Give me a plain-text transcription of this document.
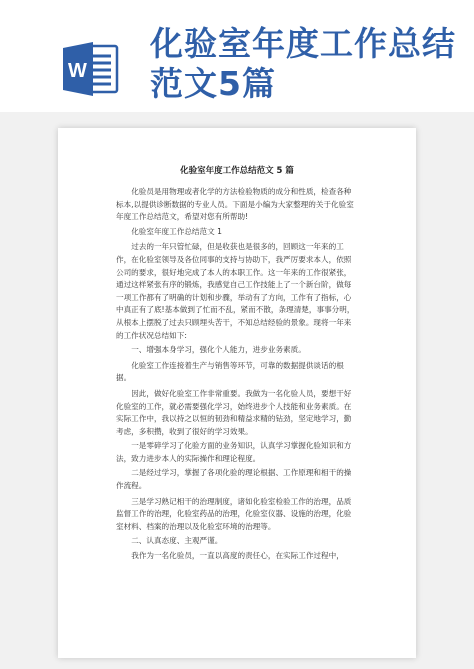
W
化验室年度工作总结范文5篇
化验室年度工作总结范文 5 篇

化验员是用物理或者化学的方法检验物质的成分和性质，检查各种标本,以提供诊断数据的专业人员。下面是小编为大家整理的关于化验室年度工作总结范文，希望对您有所帮助!

化验室年度工作总结范文 1

过去的一年只管忙碌，但是收获也是很多的，回顾这一年来的工作，在化验室领导及各位同事的支持与协助下，我严厉要求本人，依照公司的要求，很好地完成了本人的本职工作。这一年来的工作很紧张，通过这样紧张有序的锻炼，我感觉自己工作技能上了一个新台阶，做每一项工作都有了明确的计划和步骤，举动有了方向，工作有了指标，心中真正有了底!基本做到了忙而不乱，紧而不散，条理清楚，事事分明，从根本上摆脱了过去只顾埋头苦干，不知总结经验的景象。现将一年来的工作状况总结如下:

一、增强本身学习，强化个人能力，进步业务素质。

化验室工作连接着生产与销售等环节，可靠的数据提供谈话的根据。

因此，做好化验室工作非常重要。我做为一名化验人员，要想干好化验室的工作，就必需要强化学习，始终进步个人技能和业务素质。在实际工作中，我以持之以恒的韧劲和精益求精的钻劲，坚定地学习，勤考虑，多积攒，收到了很好的学习效果。

一是零碎学习了化验方面的业务知识，认真学习掌握化验知识和方法，致力进步本人的实际操作和理论程度。

二是经过学习，掌握了各项化验的理论根据、工作原理和相干的操作流程。

三是学习熟记相干的治理制度，诸如化验室检验工作的治理，品质监督工作的治理，化验室药品的治理，化验室仪器、设施的治理，化验室材料、档案的治理以及化验室环境的治理等。

二、认真态度、主观严谨。

我作为一名化验员，一直以高度的责任心，在实际工作过程中，
